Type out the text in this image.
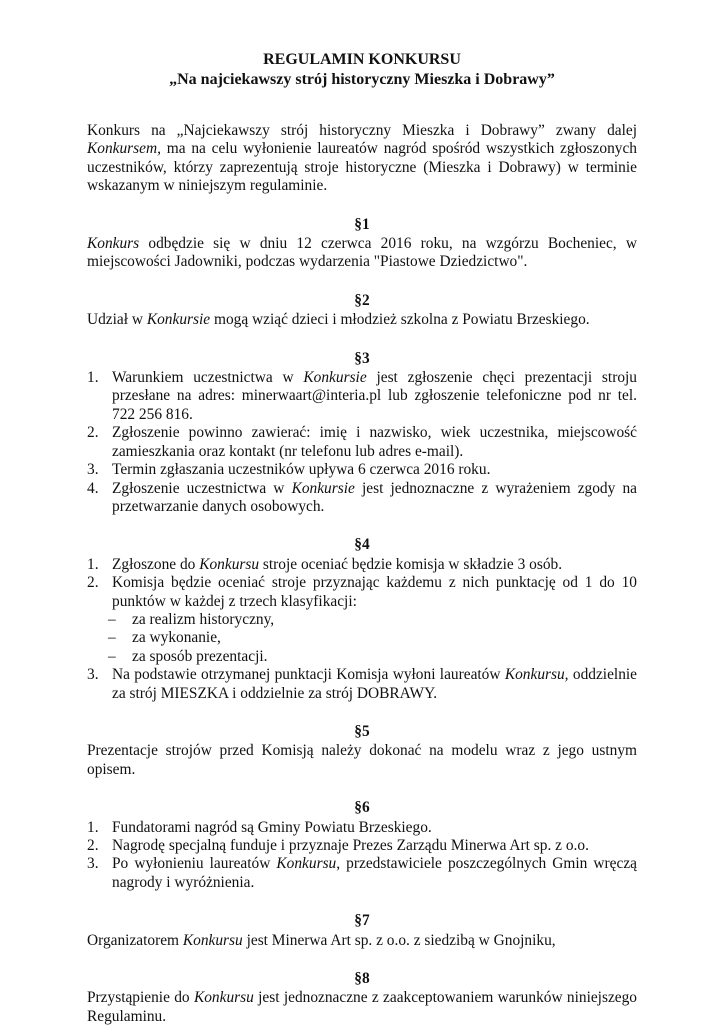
REGULAMIN KONKURSU
„Na najciekawszy strój historyczny Mieszka i Dobrawy”

Konkurs na „Najciekawszy strój historyczny Mieszka i Dobrawy” zwany dalej Konkursem, ma na celu wyłonienie laureatów nagród spośród wszystkich zgłoszonych uczestników, którzy zaprezentują stroje historyczne (Mieszka i Dobrawy) w terminie wskazanym w niniejszym regulaminie.

§1

Konkurs odbędzie się w dniu 12 czerwca 2016 roku, na wzgórzu Bocheniec, w miejscowości Jadowniki, podczas wydarzenia "Piastowe Dziedzictwo".

§2

Udział w Konkursie mogą wziąć dzieci i młodzież szkolna z Powiatu Brzeskiego.

§3
1. Warunkiem uczestnictwa w Konkursie jest zgłoszenie chęci prezentacji stroju przesłane na adres: minerwaart@interia.pl lub zgłoszenie telefoniczne pod nr tel. 722 256 816.
2. Zgłoszenie powinno zawierać: imię i nazwisko, wiek uczestnika, miejscowość zamieszkania oraz kontakt (nr telefonu lub adres e-mail).
3. Termin zgłaszania uczestników upływa 6 czerwca 2016 roku.
4. Zgłoszenie uczestnictwa w Konkursie jest jednoznaczne z wyrażeniem zgody na przetwarzanie danych osobowych.
§4
1. Zgłoszone do Konkursu stroje oceniać będzie komisja w składzie 3 osób.
2. Komisja będzie oceniać stroje przyznając każdemu z nich punktację od 1 do 10 punktów w każdej z trzech klasyfikacji:
– za realizm historyczny,
– za wykonanie,
– za sposób prezentacji.
3. Na podstawie otrzymanej punktacji Komisja wyłoni laureatów Konkursu, oddzielnie za strój MIESZKA i oddzielnie za strój DOBRAWY.
§5

Prezentacje strojów przed Komisją należy dokonać na modelu wraz z jego ustnym opisem.

§6
1. Fundatorami nagród są Gminy Powiatu Brzeskiego.
2. Nagrodę specjalną funduje i przyznaje Prezes Zarządu Minerwa Art sp. z o.o.
3. Po wyłonieniu laureatów Konkursu, przedstawiciele poszczególnych Gmin wręczą nagrody i wyróżnienia.
§7

Organizatorem Konkursu jest Minerwa Art sp. z o.o. z siedzibą w Gnojniku,

§8

Przystąpienie do Konkursu jest jednoznaczne z zaakceptowaniem warunków niniejszego Regulaminu.
